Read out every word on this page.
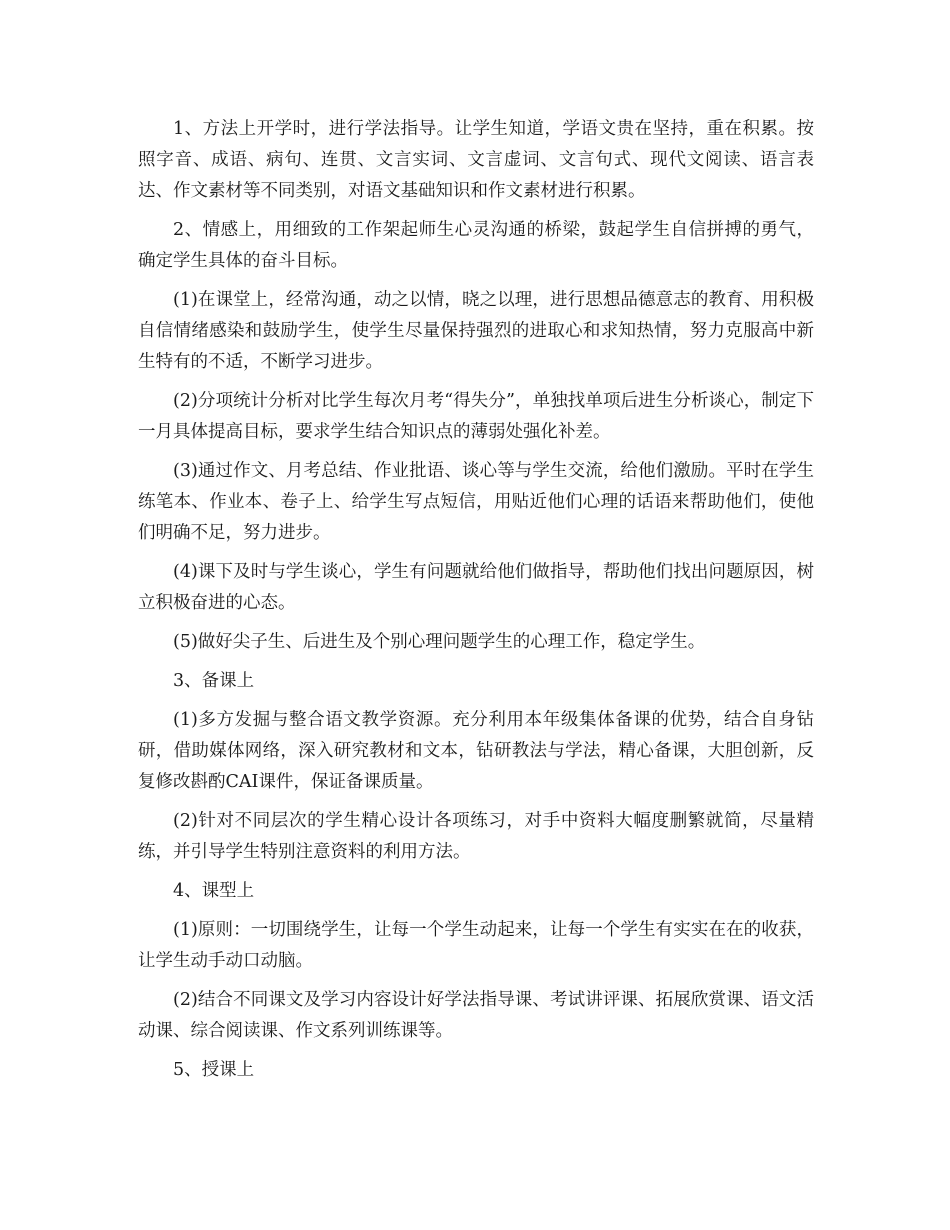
1、方法上开学时，进行学法指导。让学生知道，学语文贵在坚持，重在积累。按照字音、成语、病句、连贯、文言实词、文言虚词、文言句式、现代文阅读、语言表达、作文素材等不同类别，对语文基础知识和作文素材进行积累。

2、情感上，用细致的工作架起师生心灵沟通的桥梁，鼓起学生自信拼搏的勇气，确定学生具体的奋斗目标。

(1)在课堂上，经常沟通，动之以情，晓之以理，进行思想品德意志的教育、用积极自信情绪感染和鼓励学生，使学生尽量保持强烈的进取心和求知热情，努力克服高中新生特有的不适，不断学习进步。

(2)分项统计分析对比学生每次月考“得失分”，单独找单项后进生分析谈心，制定下一月具体提高目标，要求学生结合知识点的薄弱处强化补差。

(3)通过作文、月考总结、作业批语、谈心等与学生交流，给他们激励。平时在学生练笔本、作业本、卷子上、给学生写点短信，用贴近他们心理的话语来帮助他们，使他们明确不足，努力进步。

(4)课下及时与学生谈心，学生有问题就给他们做指导，帮助他们找出问题原因，树立积极奋进的心态。

(5)做好尖子生、后进生及个别心理问题学生的心理工作，稳定学生。

3、备课上

(1)多方发掘与整合语文教学资源。充分利用本年级集体备课的优势，结合自身钻研，借助媒体网络，深入研究教材和文本，钻研教法与学法，精心备课，大胆创新，反复修改斟酌CAI课件，保证备课质量。

(2)针对不同层次的学生精心设计各项练习，对手中资料大幅度删繁就简，尽量精练，并引导学生特别注意资料的利用方法。

4、课型上

(1)原则：一切围绕学生，让每一个学生动起来，让每一个学生有实实在在的收获，让学生动手动口动脑。

(2)结合不同课文及学习内容设计好学法指导课、考试讲评课、拓展欣赏课、语文活动课、综合阅读课、作文系列训练课等。

5、授课上
